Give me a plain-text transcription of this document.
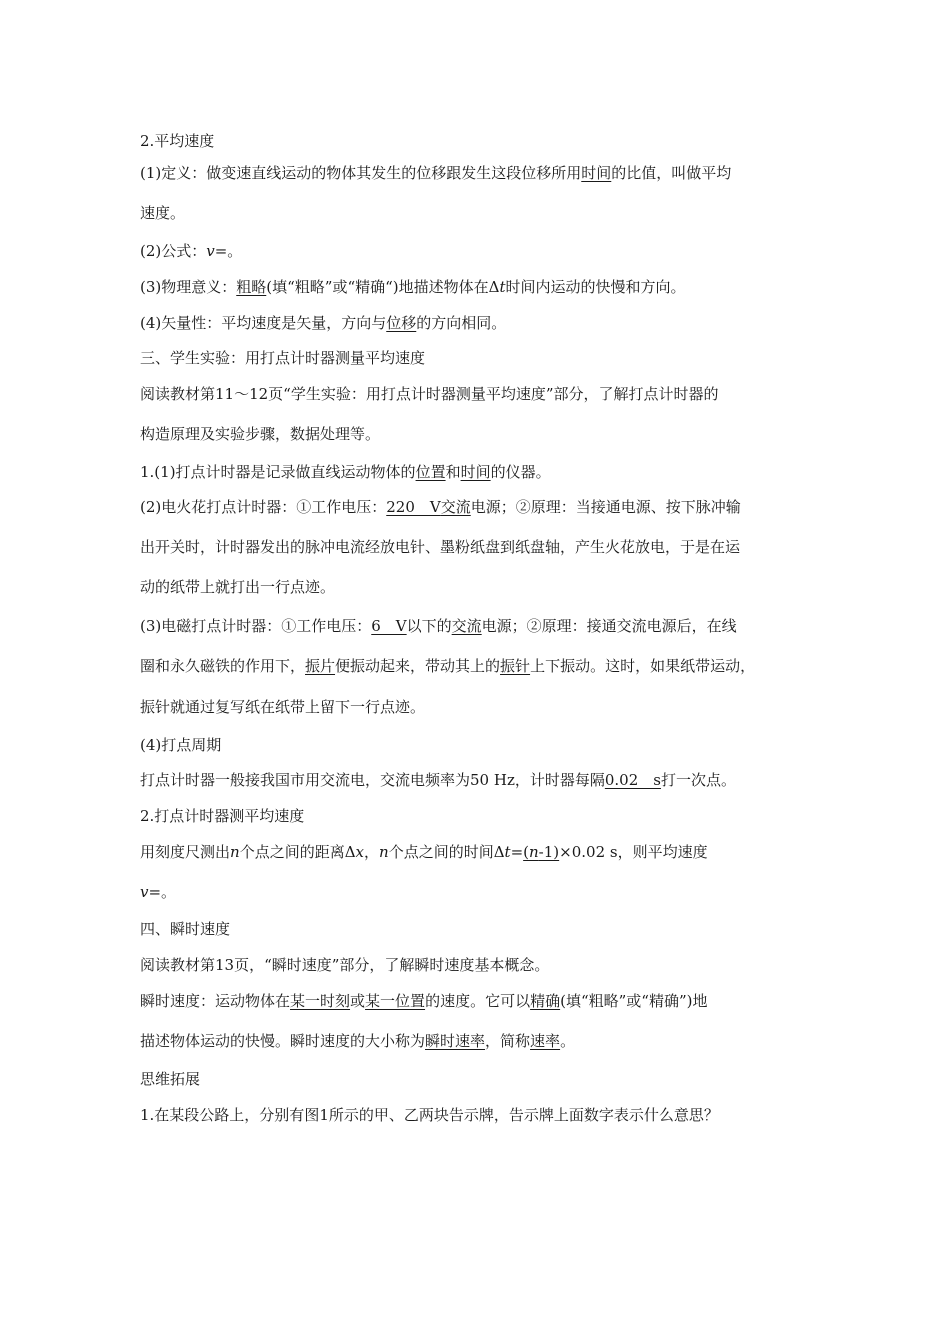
2.平均速度
(1)定义：做变速直线运动的物体其发生的位移跟发生这段位移所用时间的比值，叫做平均
速度。
(2)公式：v=。
(3)物理意义：粗略(填“粗略”或“精确“)地描述物体在Δt时间内运动的快慢和方向。
(4)矢量性：平均速度是矢量，方向与位移的方向相同。
三、学生实验：用打点计时器测量平均速度
阅读教材第11～12页“学生实验：用打点计时器测量平均速度”部分，了解打点计时器的
构造原理及实验步骤，数据处理等。
1.(1)打点计时器是记录做直线运动物体的位置和时间的仪器。
(2)电火花打点计时器：①工作电压：220　V交流电源；②原理：当接通电源、按下脉冲输
出开关时，计时器发出的脉冲电流经放电针、墨粉纸盘到纸盘轴，产生火花放电，于是在运
动的纸带上就打出一行点迹。
(3)电磁打点计时器：①工作电压：6　V以下的交流电源；②原理：接通交流电源后，在线
圈和永久磁铁的作用下，振片便振动起来，带动其上的振针上下振动。这时，如果纸带运动，
振针就通过复写纸在纸带上留下一行点迹。
(4)打点周期
打点计时器一般接我国市用交流电，交流电频率为50 Hz，计时器每隔0.02　s打一次点。
2.打点计时器测平均速度
用刻度尺测出n个点之间的距离Δx，n个点之间的时间Δt=(n-1)×0.02 s，则平均速度
v=。
四、瞬时速度
阅读教材第13页，“瞬时速度”部分，了解瞬时速度基本概念。
瞬时速度：运动物体在某一时刻或某一位置的速度。它可以精确(填“粗略”或“精确”)地
描述物体运动的快慢。瞬时速度的大小称为瞬时速率，简称速率。
思维拓展
1.在某段公路上，分别有图1所示的甲、乙两块告示牌，告示牌上面数字表示什么意思？
